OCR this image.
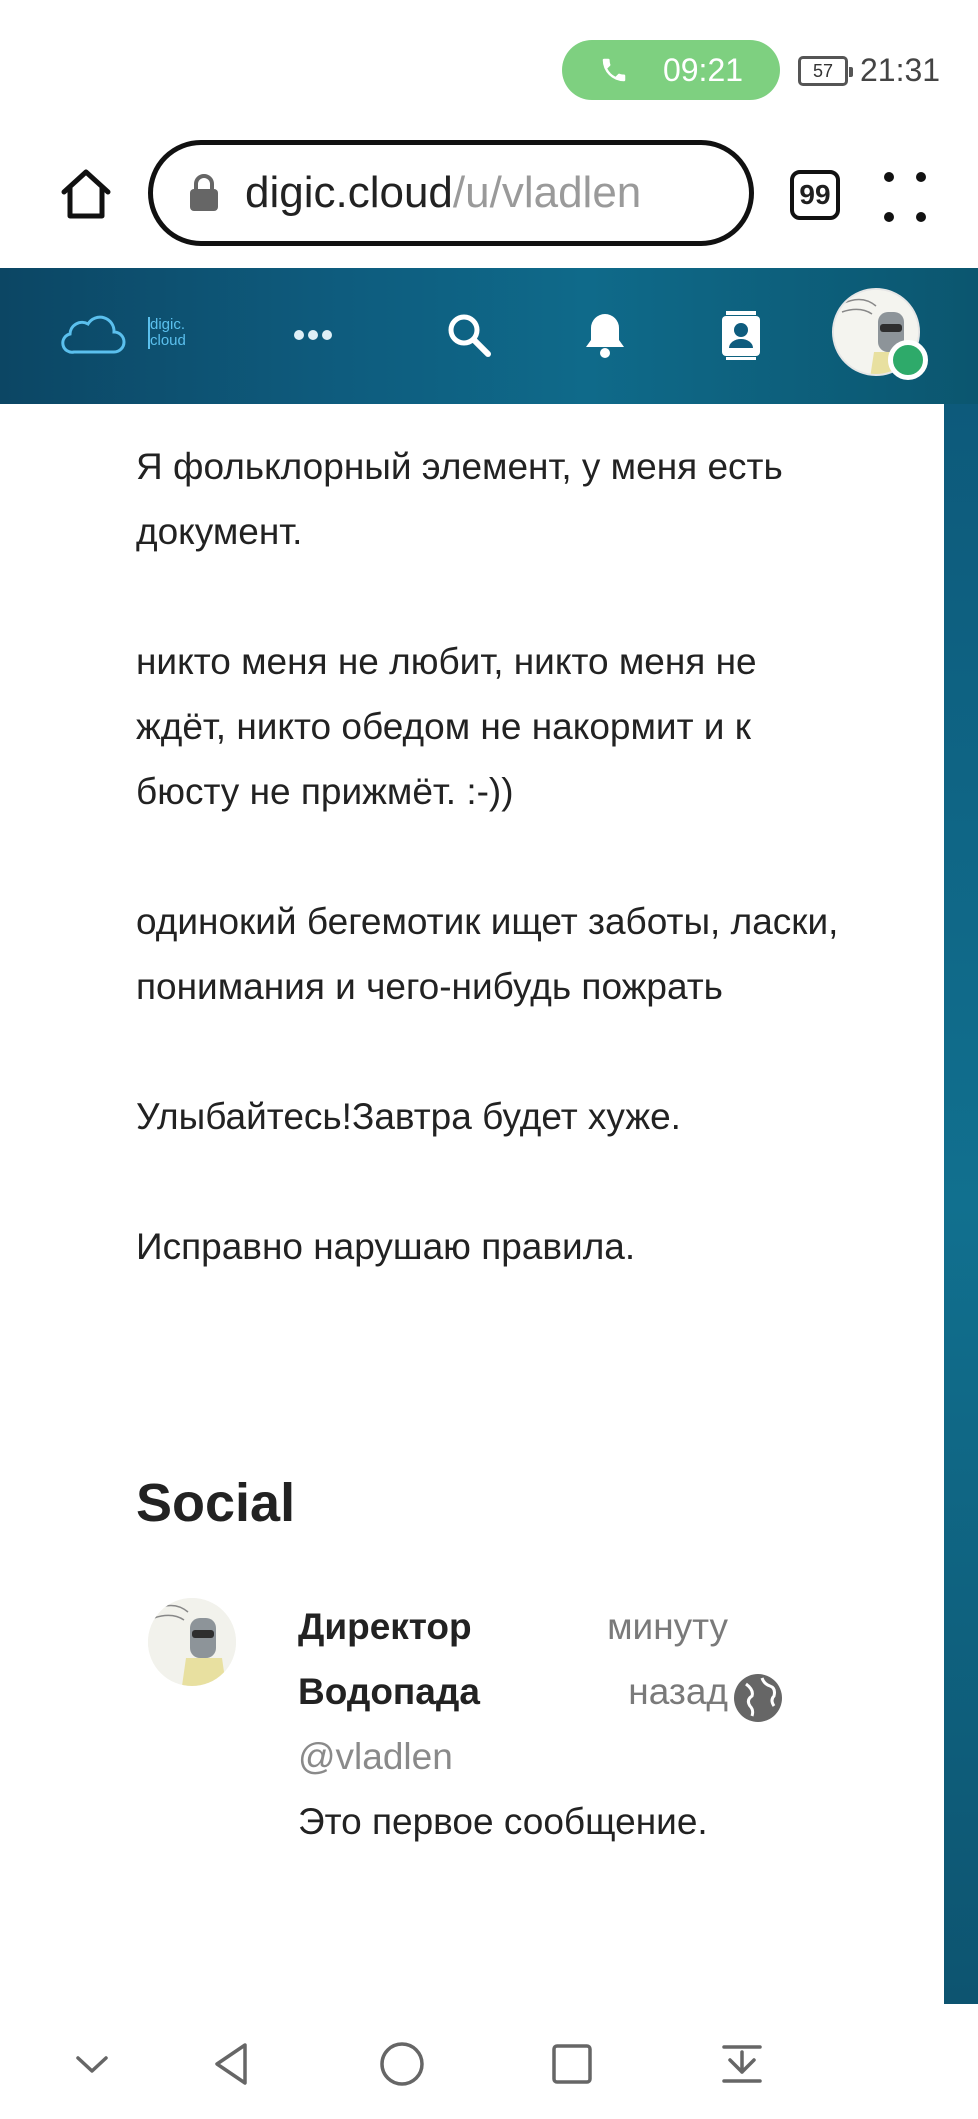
09:21	57 21:31
digic.cloud/u/vladlen	99
digic.
cloud

Я фольклорный элемент, у меня есть документ.

никто меня не любит, никто меня не ждёт, никто обедом не накормит и к бюсту не прижмёт. :-))

одинокий бегемотик ищет заботы, ласки, понимания и чего-нибудь пожрать

Улыбайтесь!Завтра будет хуже.

Исправно нарушаю правила.

Social
Директор Водопада
минуту назад
@vladlen
Это первое сообщение.
